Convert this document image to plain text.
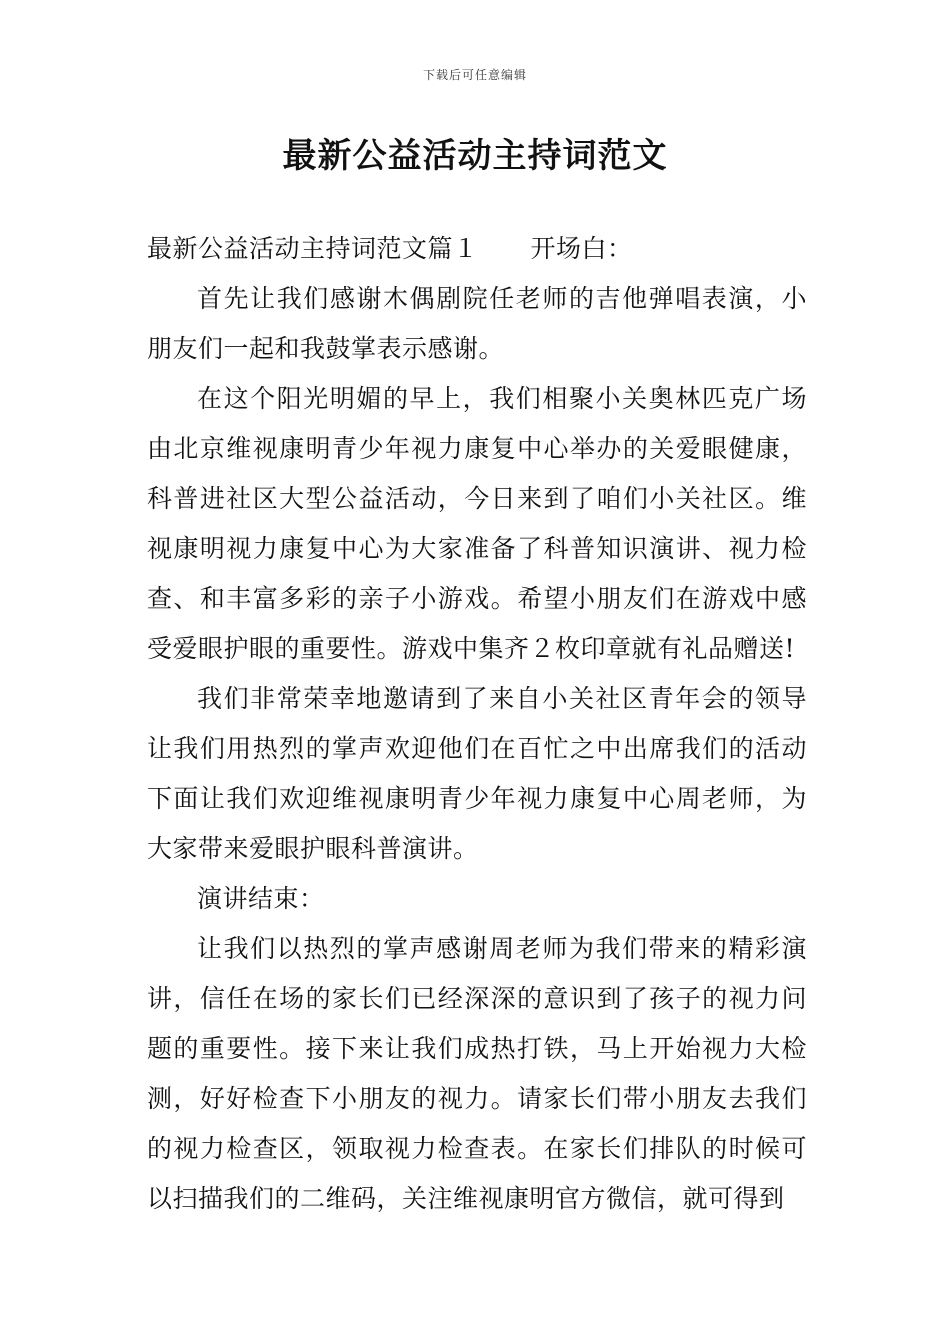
下载后可任意编辑
最新公益活动主持词范文

最新公益活动主持词范文篇１ 开场白：

首先让我们感谢木偶剧院任老师的吉他弹唱表演，小朋友们一起和我鼓掌表示感谢。

在这个阳光明媚的早上，我们相聚小关奥林匹克广场由北京维视康明青少年视力康复中心举办的关爱眼健康，科普进社区大型公益活动，今日来到了咱们小关社区。维视康明视力康复中心为大家准备了科普知识演讲、视力检查、和丰富多彩的亲子小游戏。希望小朋友们在游戏中感受爱眼护眼的重要性。游戏中集齐２枚印章就有礼品赠送!

我们非常荣幸地邀请到了来自小关社区青年会的领导让我们用热烈的掌声欢迎他们在百忙之中出席我们的活动下面让我们欢迎维视康明青少年视力康复中心周老师，为大家带来爱眼护眼科普演讲。

演讲结束：

让我们以热烈的掌声感谢周老师为我们带来的精彩演讲，信任在场的家长们已经深深的意识到了孩子的视力问题的重要性。接下来让我们成热打铁，马上开始视力大检测，好好检查下小朋友的视力。请家长们带小朋友去我们的视力检查区，领取视力检查表。在家长们排队的时候可以扫描我们的二维码，关注维视康明官方微信，就可得到
